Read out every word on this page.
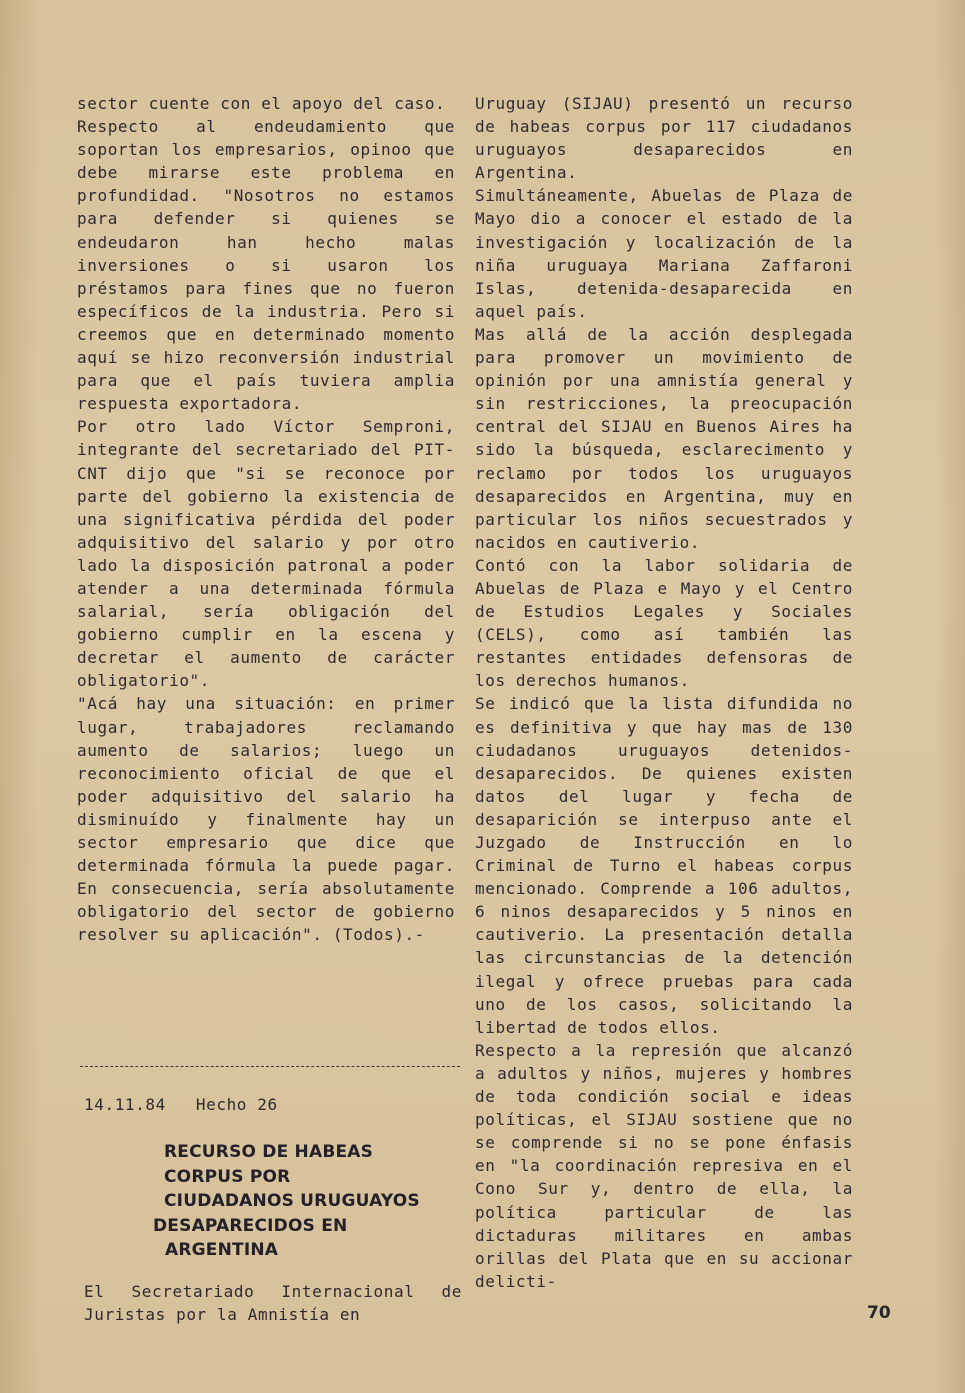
sector cuente con el apoyo del caso.

Respecto al endeudamiento que soportan los empresarios, opinoo que debe mirarse este problema en profundidad. "Nosotros no estamos para defender si quienes se endeudaron han hecho malas inversiones o si usaron los préstamos para fines que no fueron específicos de la industria. Pero si creemos que en determinado momento aquí se hizo reconversión industrial para que el país tuviera amplia respuesta exportadora.

Por otro lado Víctor Semproni, integrante del secretariado del PIT-CNT dijo que "si se reconoce por parte del gobierno la existencia de una significativa pérdida del poder adquisitivo del salario y por otro lado la disposición patronal a poder atender a una determinada fórmula salarial, sería obligación del gobierno cumplir en la escena y decretar el aumento de carácter obligatorio".

"Acá hay una situación: en primer lugar, trabajadores reclamando aumento de salarios; luego un reconocimiento oficial de que el poder adquisitivo del salario ha disminuído y finalmente hay un sector empresario que dice que determinada fórmula la puede pagar. En consecuencia, sería absolutamente obligatorio del sector de gobierno resolver su aplicación". (Todos).-

14.11.84 Hecho 26
RECURSO DE HABEAS
CORPUS POR
CIUDADANOS URUGUAYOS
DESAPARECIDOS EN
ARGENTINA

El Secretariado Internacional de Juristas por la Amnistía en

Uruguay (SIJAU) presentó un recurso de habeas corpus por 117 ciudadanos uruguayos desaparecidos en Argentina.

Simultáneamente, Abuelas de Plaza de Mayo dio a conocer el estado de la investigación y localización de la niña uruguaya Mariana Zaffaroni Islas, detenida-desaparecida en aquel país.

Mas allá de la acción desplegada para promover un movimiento de opinión por una amnistía general y sin restricciones, la preocupación central del SIJAU en Buenos Aires ha sido la búsqueda, esclarecimento y reclamo por todos los uruguayos desaparecidos en Argentina, muy en particular los niños secuestrados y nacidos en cautiverio.

Contó con la labor solidaria de Abuelas de Plaza e Mayo y el Centro de Estudios Legales y Sociales (CELS), como así también las restantes entidades defensoras de los derechos humanos.

Se indicó que la lista difundida no es definitiva y que hay mas de 130 ciudadanos uruguayos detenidos-desaparecidos. De quienes existen datos del lugar y fecha de desaparición se interpuso ante el Juzgado de Instrucción en lo Criminal de Turno el habeas corpus mencionado. Comprende a 106 adultos, 6 ninos desaparecidos y 5 ninos en cautiverio. La presentación detalla las circunstancias de la detención ilegal y ofrece pruebas para cada uno de los casos, solicitando la libertad de todos ellos.

Respecto a la represión que alcanzó a adultos y niños, mujeres y hombres de toda condición social e ideas políticas, el SIJAU sostiene que no se comprende si no se pone énfasis en "la coordinación represiva en el Cono Sur y, dentro de ella, la política particular de las dictaduras militares en ambas orillas del Plata que en su accionar delicti-

70
